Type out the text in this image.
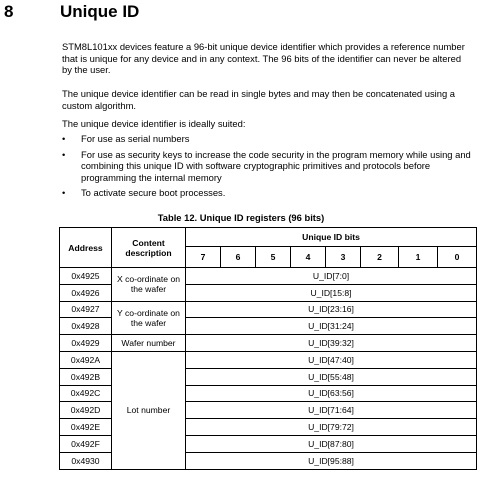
8	Unique ID

STM8L101xx devices feature a 96-bit unique device identifier which provides a reference number that is unique for any device and in any context. The 96 bits of the identifier can never be altered by the user.

The unique device identifier can be read in single bytes and may then be concatenated using a custom algorithm.

The unique device identifier is ideally suited:

• For use as serial numbers
• For use as security keys to increase the code security in the program memory while using and combining this unique ID with software cryptographic primitives and protocols before programming the internal memory
• To activate secure boot processes.
Table 12. Unique ID registers (96 bits)
Address	Content description	Unique ID bits							
		7	6	5	4	3	2	1	0
0x4925	X co-ordinate on the wafer	U_ID[7:0]							
0x4926		U_ID[15:8]							
0x4927	Y co-ordinate on the wafer	U_ID[23:16]							
0x4928		U_ID[31:24]							
0x4929	Wafer number	U_ID[39:32]							
0x492A	Lot number	U_ID[47:40]							
0x492B		U_ID[55:48]							
0x492C		U_ID[63:56]							
0x492D		U_ID[71:64]							
0x492E		U_ID[79:72]							
0x492F		U_ID[87:80]							
0x4930		U_ID[95:88]							
